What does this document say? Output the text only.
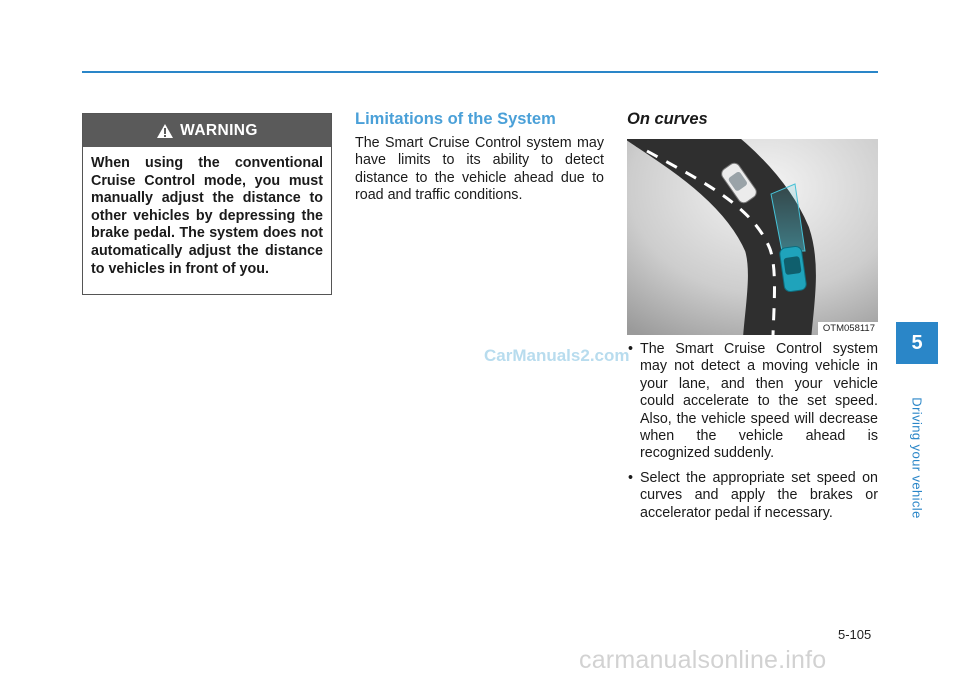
WARNING
When using the conventional Cruise Control mode, you must manually adjust the distance to other vehicles by depressing the brake pedal. The system does not automatically adjust the distance to vehicles in front of you.
Limitations of the System

The Smart Cruise Control system may have limits to its ability to detect distance to the vehicle ahead due to road and traffic conditions.

On curves
OTM058117
• The Smart Cruise Control system may not detect a moving vehicle in your lane, and then your vehicle could accelerate to the set speed. Also, the vehicle speed will decrease when the vehicle ahead is recognized suddenly.
• Select the appropriate set speed on curves and apply the brakes or accelerator pedal if necessary.
5
Driving your vehicle
5-105
CarManuals2.com
carmanualsonline.info
